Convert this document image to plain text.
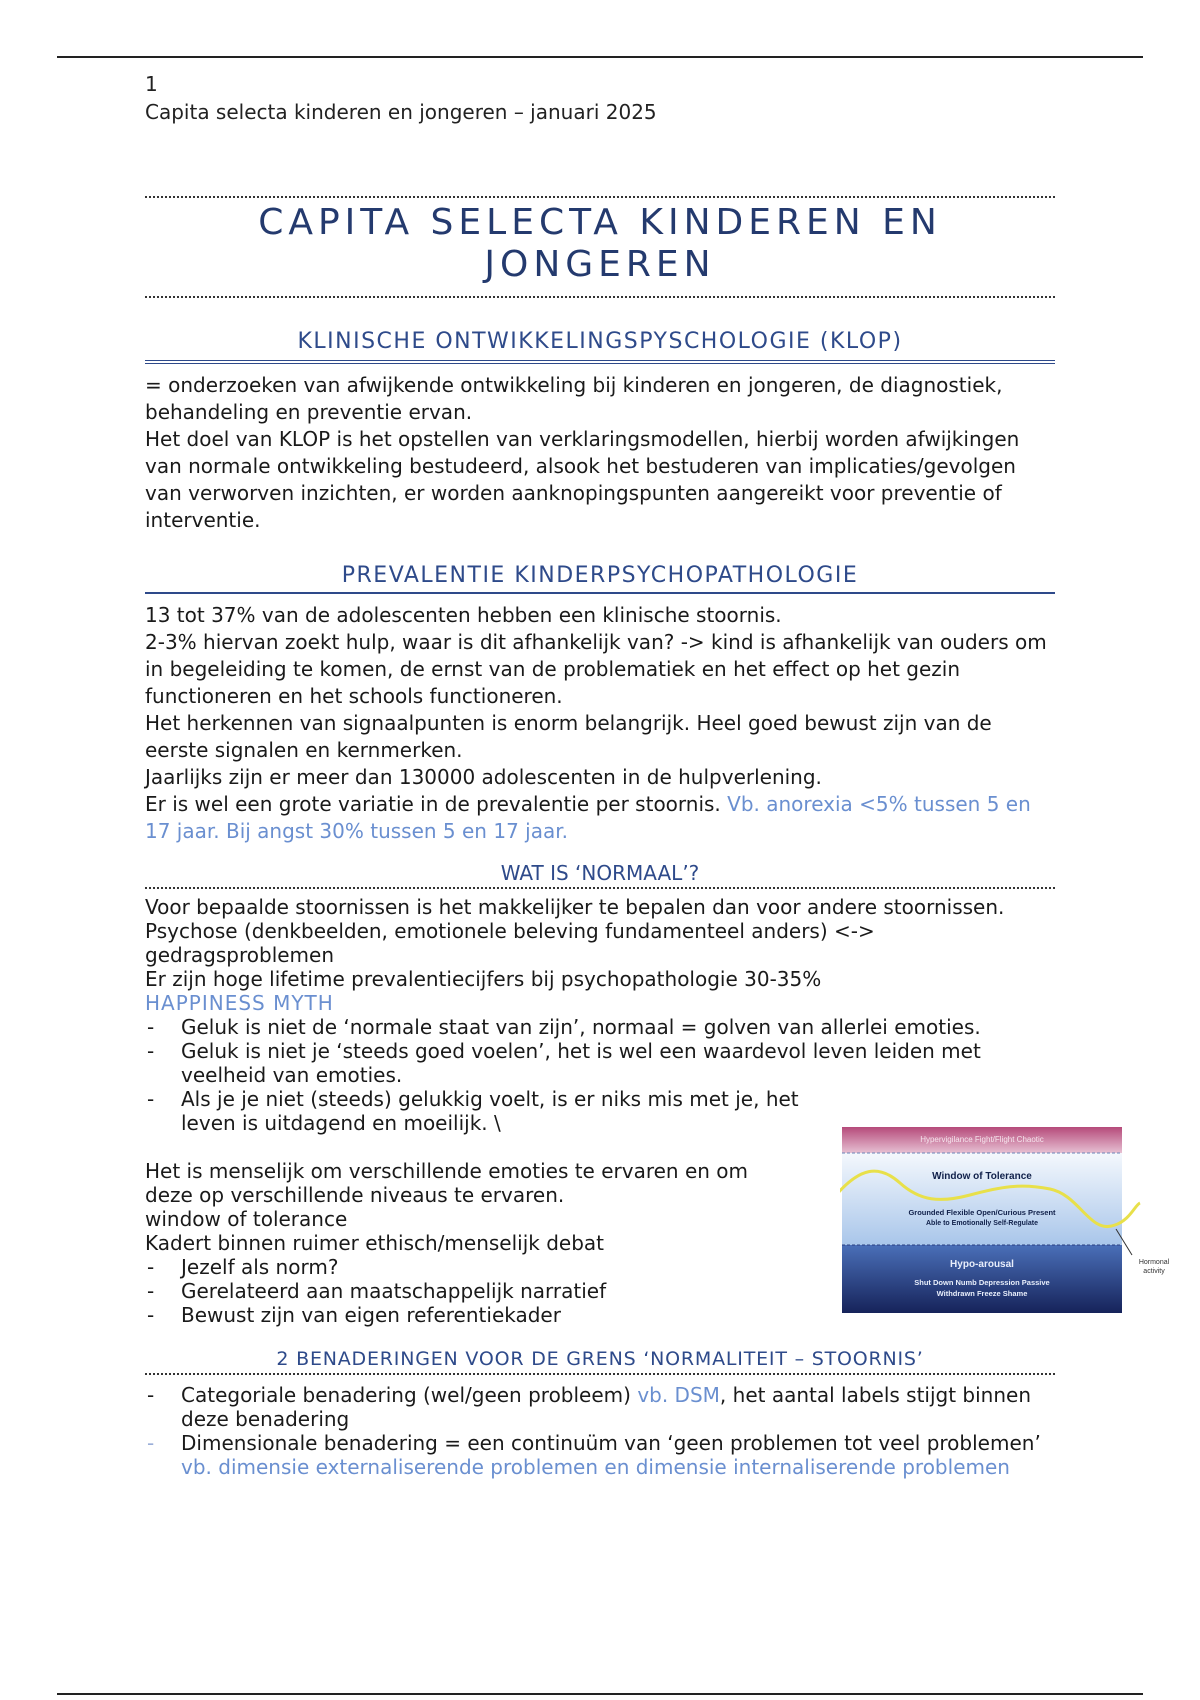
1
Capita selecta kinderen en jongeren – januari 2025
CAPITA SELECTA KINDEREN EN JONGEREN
KLINISCHE ONTWIKKELINGSPYSCHOLOGIE (KLOP)

= onderzoeken van afwijkende ontwikkeling bij kinderen en jongeren, de diagnostiek, behandeling en preventie ervan.

Het doel van KLOP is het opstellen van verklaringsmodellen, hierbij worden afwijkingen van normale ontwikkeling bestudeerd, alsook het bestuderen van implicaties/gevolgen van verworven inzichten, er worden aanknopingspunten aangereikt voor preventie of interventie.

PREVALENTIE KINDERPSYCHOPATHOLOGIE

13 tot 37% van de adolescenten hebben een klinische stoornis.

2-3% hiervan zoekt hulp, waar is dit afhankelijk van? -> kind is afhankelijk van ouders om in begeleiding te komen, de ernst van de problematiek en het effect op het gezin functioneren en het schools functioneren.

Het herkennen van signaalpunten is enorm belangrijk. Heel goed bewust zijn van de eerste signalen en kernmerken.

Jaarlijks zijn er meer dan 130000 adolescenten in de hulpverlening.

Er is wel een grote variatie in de prevalentie per stoornis. Vb. anorexia <5% tussen 5 en 17 jaar. Bij angst 30% tussen 5 en 17 jaar.

WAT IS ‘NORMAAL’?

Voor bepaalde stoornissen is het makkelijker te bepalen dan voor andere stoornissen. Psychose (denkbeelden, emotionele beleving fundamenteel anders) <-> gedragsproblemen

Er zijn hoge lifetime prevalentiecijfers bij psychopathologie 30-35%

HAPPINESS MYTH
- Geluk is niet de ‘normale staat van zijn’, normaal = golven van allerlei emoties.
- Geluk is niet je ‘steeds goed voelen’, het is wel een waardevol leven leiden met veelheid van emoties.
- Als je je niet (steeds) gelukkig voelt, is er niks mis met je, het leven is uitdagend en moeilijk. \

Het is menselijk om verschillende emoties te ervaren en om deze op verschillende niveaus te ervaren.

window of tolerance

Kadert binnen ruimer ethisch/menselijk debat

- Jezelf als norm?
- Gerelateerd aan maatschappelijk narratief
- Bewust zijn van eigen referentiekader
2 BENADERINGEN VOOR DE GRENS ‘NORMALITEIT – STOORNIS’
- Categoriale benadering (wel/geen probleem) vb. DSM, het aantal labels stijgt binnen deze benadering
- Dimensionale benadering = een continuüm van ‘geen problemen tot veel problemen’ vb. dimensie externaliserende problemen en dimensie internaliserende problemen
Hypervigilance Fight/Flight Chaotic
Window of Tolerance
Grounded Flexible Open/Curious Present
Able to Emotionally Self-Regulate
Hypo-arousal
Shut Down Numb Depression Passive
Withdrawn Freeze Shame
Hormonal
activity
